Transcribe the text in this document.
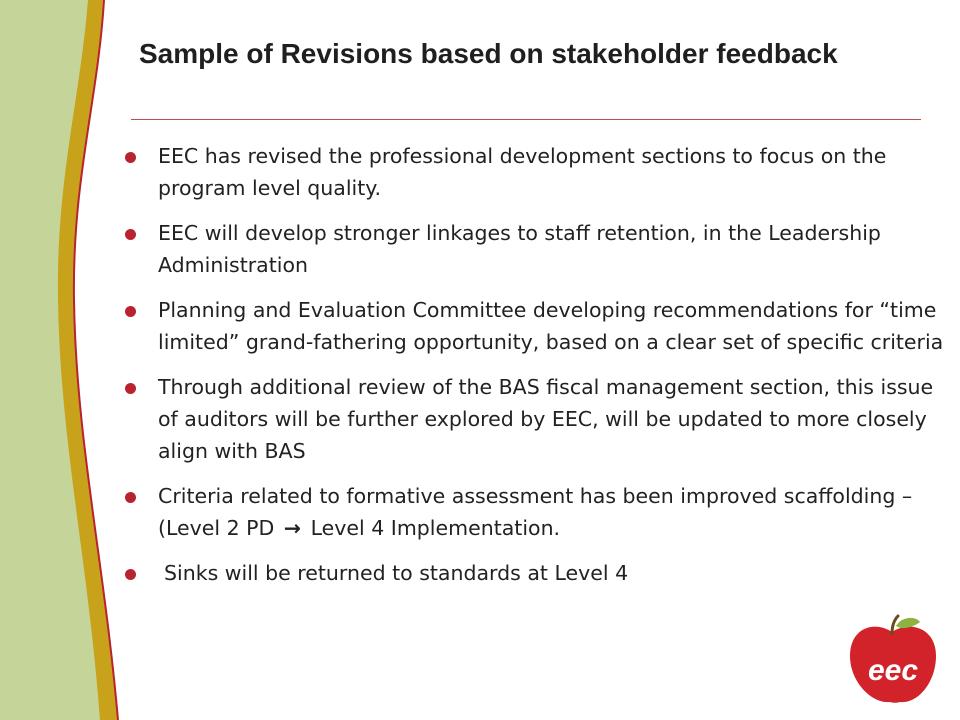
Sample of Revisions based on stakeholder feedback
EEC has revised the professional development sections to focus on the program level quality.
EEC will develop stronger linkages to staff retention, in the Leadership Administration
Planning and Evaluation Committee developing recommendations for “time limited” grand-fathering opportunity, based on a clear set of specific criteria
Through additional review of the BAS fiscal management section, this issue of auditors will be further explored by EEC, will be updated to more closely align with BAS
Criteria related to formative assessment has been improved scaffolding – (Level 2 PD → Level 4 Implementation.
Sinks will be returned to standards at Level 4
eec
